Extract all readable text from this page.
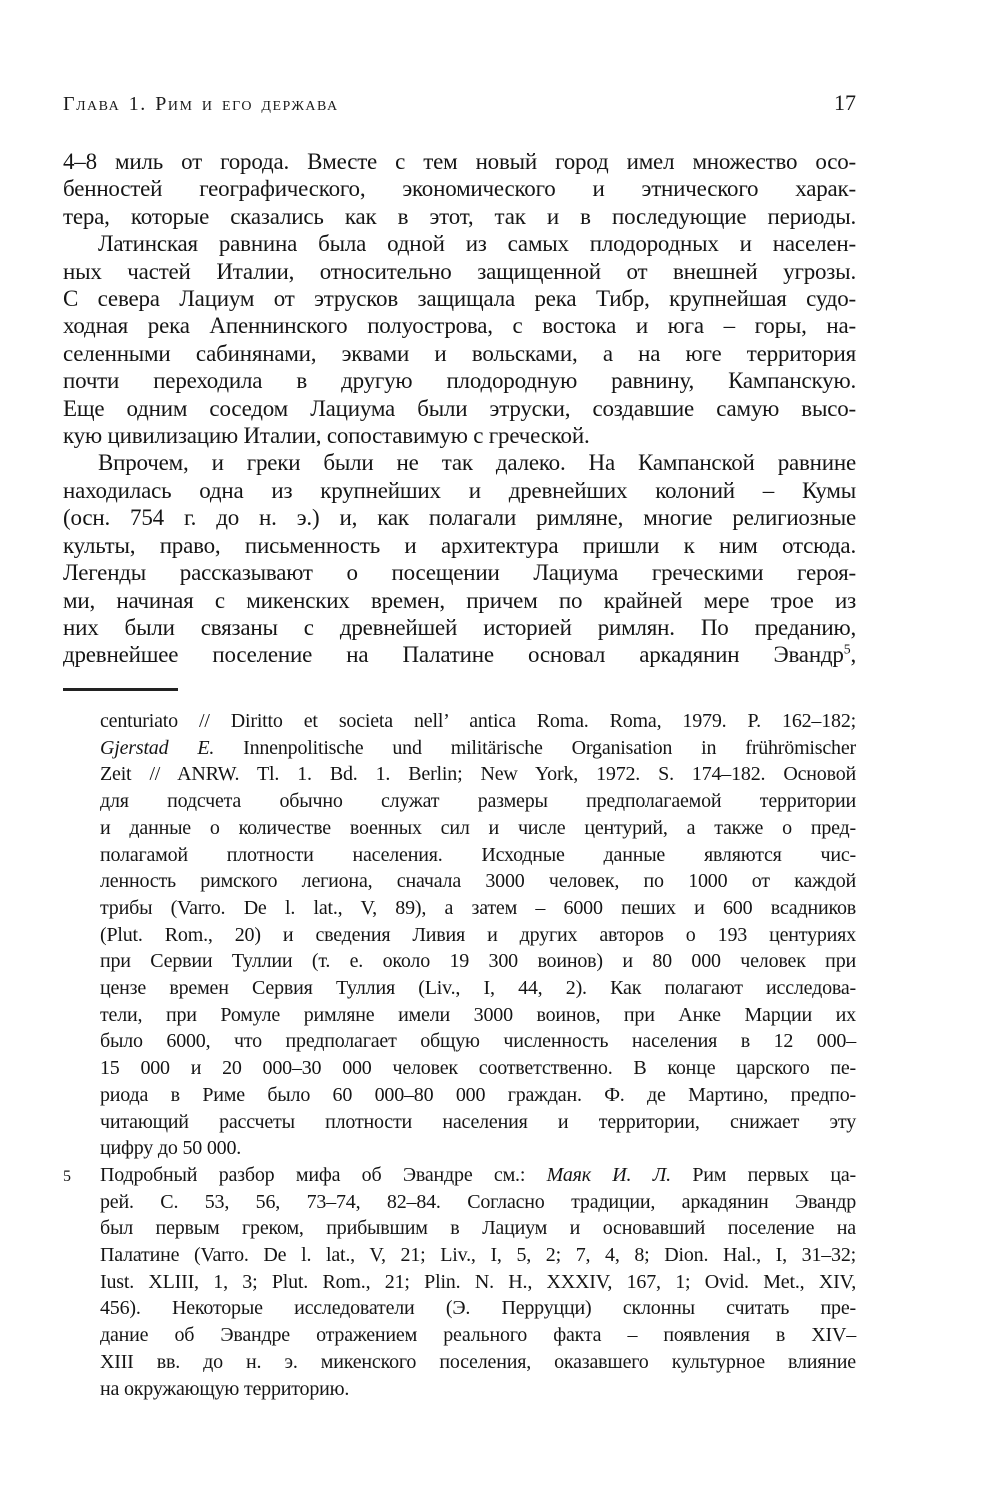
Глава 1. Рим и его держава	17
4–8 миль от города. Вместе с тем новый город имел множество осо-
бенностей географического, экономического и этнического харак-
тера, которые сказались как в этот, так и в последующие периоды.
Латинская равнина была одной из самых плодородных и населен-
ных частей Италии, относительно защищенной от внешней угрозы.
С севера Лациум от этрусков защищала река Тибр, крупнейшая судо-
ходная река Апеннинского полуострова, с востока и юга – горы, на-
селенными сабинянами, эквами и вольсками, а на юге территория
почти переходила в другую плодородную равнину, Кампанскую.
Еще одним соседом Лациума были этруски, создавшие самую высо-
кую цивилизацию Италии, сопоставимую с греческой.
Впрочем, и греки были не так далеко. На Кампанской равнине
находилась одна из крупнейших и древнейших колоний – Кумы
(осн. 754 г. до н. э.) и, как полагали римляне, многие религиозные
культы, право, письменность и архитектура пришли к ним отсюда.
Легенды рассказывают о посещении Лациума греческими героя-
ми, начиная с микенских времен, причем по крайней мере трое из
них были связаны с древнейшей историей римлян. По преданию,
древнейшее поселение на Палатине основал аркадянин Эвандр$^5$,
centuriato // Diritto et societa nell’ antica Roma. Roma, 1979. P. 162–182;
Gjerstad E. Innenpolitische und militärische Organisation in frührömischer
Zeit // ANRW. Tl. 1. Bd. 1. Berlin; New York, 1972. S. 174–182. Основой
для подсчета обычно служат размеры предполагаемой территории
и данные о количестве военных сил и числе центурий, а также о пред-
полагамой плотности населения. Исходные данные являются чис-
ленность римского легиона, сначала 3000 человек, по 1000 от каждой
трибы (Varro. De l. lat., V, 89), а затем – 6000 пеших и 600 всадников
(Plut. Rom., 20) и сведения Ливия и других авторов о 193 центуриях
при Сервии Туллии (т. е. около 19 300 воинов) и 80 000 человек при
цензе времен Сервия Туллия (Liv., I, 44, 2). Как полагают исследова-
тели, при Ромуле римляне имели 3000 воинов, при Анке Марции их
было 6000, что предполагает общую численность населения в 12 000–
15 000 и 20 000–30 000 человек соответственно. В конце царского пе-
риода в Риме было 60 000–80 000 граждан. Ф. де Мартино, предпо-
читающий рассчеты плотности населения и территории, снижает эту
цифру до 50 000.
5 Подробный разбор мифа об Эвандре см.: Маяк И. Л. Рим первых ца-
рей. С. 53, 56, 73–74, 82–84. Согласно традиции, аркадянин Эвандр
был первым греком, прибывшим в Лациум и основавший поселение на
Палатине (Varro. De l. lat., V, 21; Liv., I, 5, 2; 7, 4, 8; Dion. Hal., I, 31–32;
Iust. XLIII, 1, 3; Plut. Rom., 21; Plin. N. H., XXXIV, 167, 1; Ovid. Met., XIV,
456). Некоторые исследователи (Э. Перруцци) склонны считать пре-
дание об Эвандре отражением реального факта – появления в XIV–
XIII вв. до н. э. микенского поселения, оказавшего культурное влияние
на окружающую территорию.
